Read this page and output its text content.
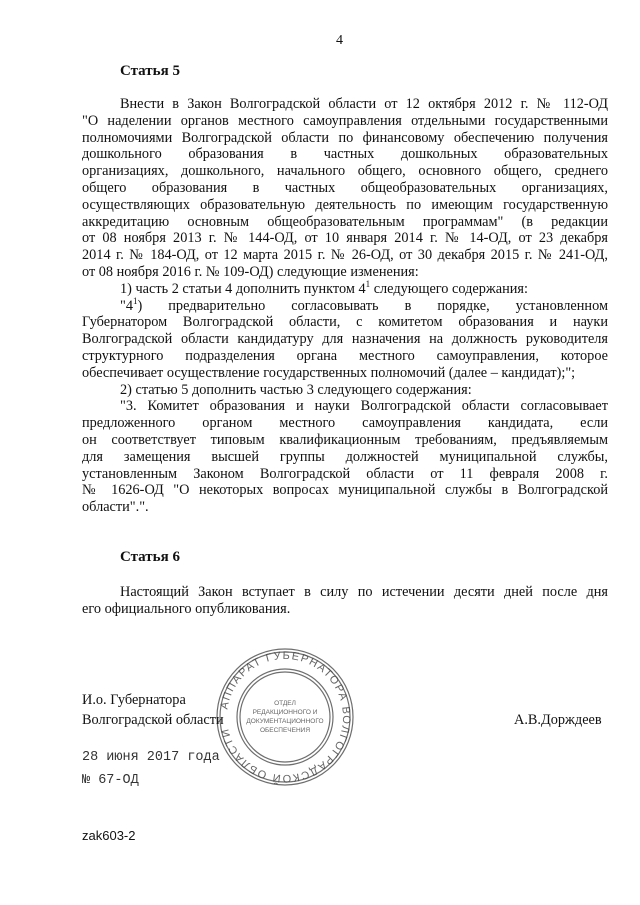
4
Статья 5
Внести в Закон Волгоградской области от 12 октября 2012 г. № 112-ОД
"О наделении органов местного самоуправления отдельными государственными
полномочиями Волгоградской области по финансовому обеспечению получения
дошкольного образования в частных дошкольных образовательных
организациях, дошкольного, начального общего, основного общего, среднего
общего образования в частных общеобразовательных организациях,
осуществляющих образовательную деятельность по имеющим государственную
аккредитацию основным общеобразовательным программам" (в редакции
от 08 ноября 2013 г. № 144-ОД, от 10 января 2014 г. № 14-ОД, от 23 декабря
2014 г. № 184-ОД, от 12 марта 2015 г. № 26-ОД, от 30 декабря 2015 г. № 241-ОД,
от 08 ноября 2016 г. № 109-ОД) следующие изменения:
1) часть 2 статьи 4 дополнить пунктом $4^1$ следующего содержания:
"$4^1$) предварительно согласовывать в порядке, установленном
Губернатором Волгоградской области, с комитетом образования и науки
Волгоградской области кандидатуру для назначения на должность руководителя
структурного подразделения органа местного самоуправления, которое
обеспечивает осуществление государственных полномочий (далее – кандидат);";
2) статью 5 дополнить частью 3 следующего содержания:
"3. Комитет образования и науки Волгоградской области согласовывает
предложенного органом местного самоуправления кандидата, если
он соответствует типовым квалификационным требованиям, предъявляемым
для замещения высшей группы должностей муниципальной службы,
установленным Законом Волгоградской области от 11 февраля 2008 г.
№ 1626-ОД "О некоторых вопросах муниципальной службы в Волгоградской
области".".
Статья 6
Настоящий Закон вступает в силу по истечении десяти дней после дня
его официального опубликования.
АППАРАТ ГУБЕРНАТОРА ВОЛГОГРАДСКОЙ ОБЛАСТИ
ОТДЕЛ
РЕДАКЦИОННОГО И
ДОКУМЕНТАЦИОННОГО
ОБЕСПЕЧЕНИЯ
И.о. Губернатора
Волгоградской области	А.В.Дорждеев
28 июня 2017 года
№ 67-ОД
zak603-2
